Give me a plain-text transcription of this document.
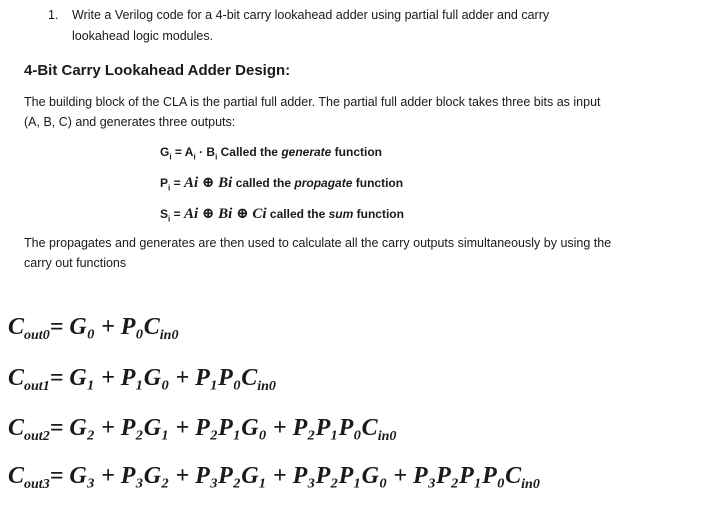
1. Write a Verilog code for a 4-bit carry lookahead adder using partial full adder and carry
lookahead logic modules.
4-Bit Carry Lookahead Adder Design:
The building block of the CLA is the partial full adder. The partial full adder block takes three bits as input
(A, B, C) and generates three outputs:
$G_i = A_i \cdot B_i$ Called the generate function
$P_i = Ai$ ⊕ Bi called the propagate function
$S_i = Ai$ ⊕ Bi ⊕ Ci called the sum function
The propagates and generates are then used to calculate all the carry outputs simultaneously by using the
carry out functions
$C_{out0}= G_0 + P_0C_{in0}$
$C_{out1}= G_1 + P_1G_0 + P_1P_0C_{in0}$
$C_{out2}= G_2 + P_2G_1 + P_2P_1G_0 + P_2P_1P_0C_{in0}$
$C_{out3}= G_3 + P_3G_2 + P_3P_2G_1 + P_3P_2P_1G_0 + P_3P_2P_1P_0C_{in0}$
